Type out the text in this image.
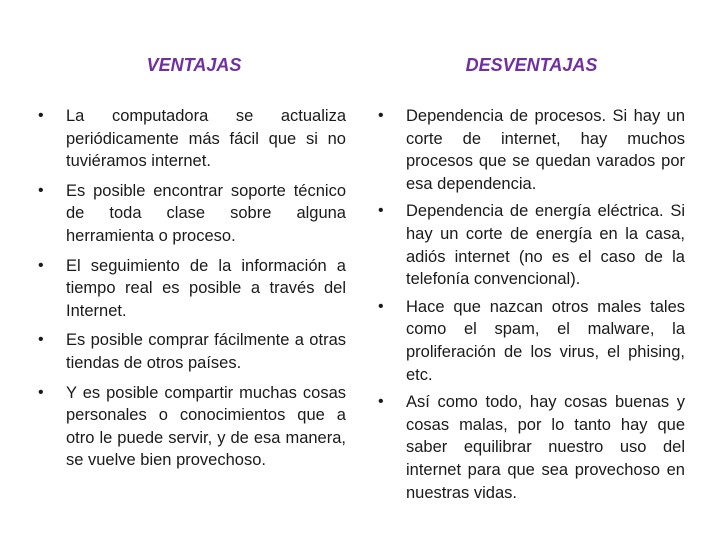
VENTAJAS
•	La computadora se actualiza periódicamente más fácil que si no tuviéramos internet.
•	Es posible encontrar soporte técnico de toda clase sobre alguna herramienta o proceso.
•	El seguimiento de la información a tiempo real es posible a través del Internet.
•	Es posible comprar fácilmente a otras tiendas de otros países.
•	Y es posible compartir muchas cosas personales o conocimientos que a otro le puede servir, y de esa manera, se vuelve bien provechoso.
DESVENTAJAS
•	Dependencia de procesos. Si hay un corte de internet, hay muchos procesos que se quedan varados por esa dependencia.
•	Dependencia de energía eléctrica. Si hay un corte de energía en la casa, adiós internet (no es el caso de la telefonía convencional).
•	Hace que nazcan otros males tales como el spam, el malware, la proliferación de los virus, el phising, etc.
•	Así como todo, hay cosas buenas y cosas malas, por lo tanto hay que saber equilibrar nuestro uso del internet para que sea provechoso en nuestras vidas.
